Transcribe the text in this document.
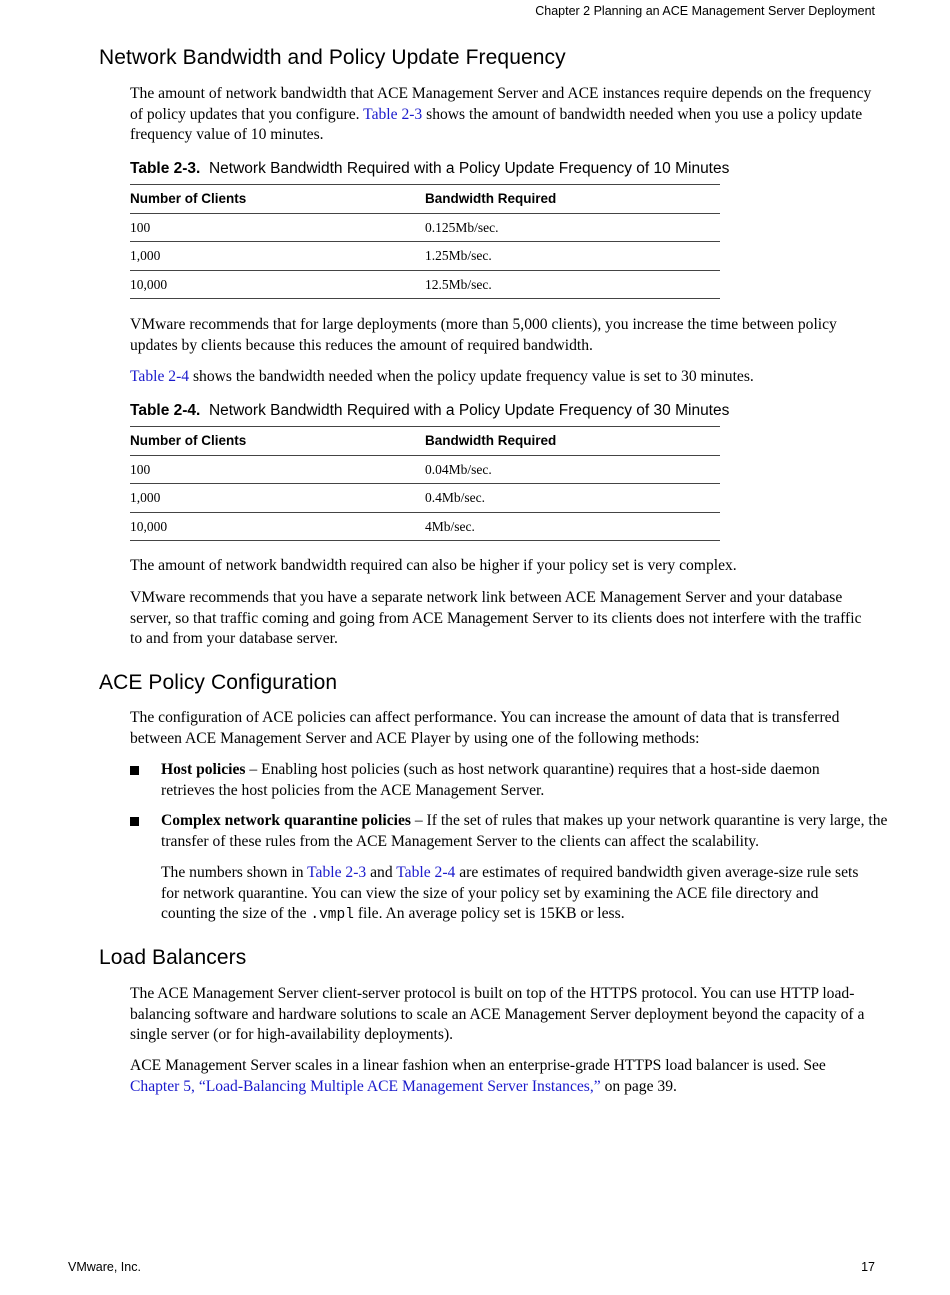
Chapter 2 Planning an ACE Management Server Deployment
Network Bandwidth and Policy Update Frequency

The amount of network bandwidth that ACE Management Server and ACE instances require depends on the frequency of policy updates that you configure. Table 2-3 shows the amount of bandwidth needed when you use a policy update frequency value of 10 minutes.

Table 2-3. Network Bandwidth Required with a Policy Update Frequency of 10 Minutes

Number of Clients	Bandwidth Required
100	0.125Mb/sec.
1,000	1.25Mb/sec.
10,000	12.5Mb/sec.

VMware recommends that for large deployments (more than 5,000 clients), you increase the time between policy updates by clients because this reduces the amount of required bandwidth.

Table 2-4 shows the bandwidth needed when the policy update frequency value is set to 30 minutes.

Table 2-4. Network Bandwidth Required with a Policy Update Frequency of 30 Minutes

Number of Clients	Bandwidth Required
100	0.04Mb/sec.
1,000	0.4Mb/sec.
10,000	4Mb/sec.

The amount of network bandwidth required can also be higher if your policy set is very complex.

VMware recommends that you have a separate network link between ACE Management Server and your database server, so that traffic coming and going from ACE Management Server to its clients does not interfere with the traffic to and from your database server.

ACE Policy Configuration

The configuration of ACE policies can affect performance. You can increase the amount of data that is transferred between ACE Management Server and ACE Player by using one of the following methods:

Host policies – Enabling host policies (such as host network quarantine) requires that a host-side daemon retrieves the host policies from the ACE Management Server.
Complex network quarantine policies – If the set of rules that makes up your network quarantine is very large, the transfer of these rules from the ACE Management Server to the clients can affect the scalability.

The numbers shown in Table 2-3 and Table 2-4 are estimates of required bandwidth given average-size rule sets for network quarantine. You can view the size of your policy set by examining the ACE file directory and counting the size of the .vmpl file. An average policy set is 15KB or less.

Load Balancers

The ACE Management Server client-server protocol is built on top of the HTTPS protocol. You can use HTTP load-balancing software and hardware solutions to scale an ACE Management Server deployment beyond the capacity of a single server (or for high-availability deployments).

ACE Management Server scales in a linear fashion when an enterprise-grade HTTPS load balancer is used. See Chapter 5, “Load-Balancing Multiple ACE Management Server Instances,” on page 39.

VMware, Inc.	17
